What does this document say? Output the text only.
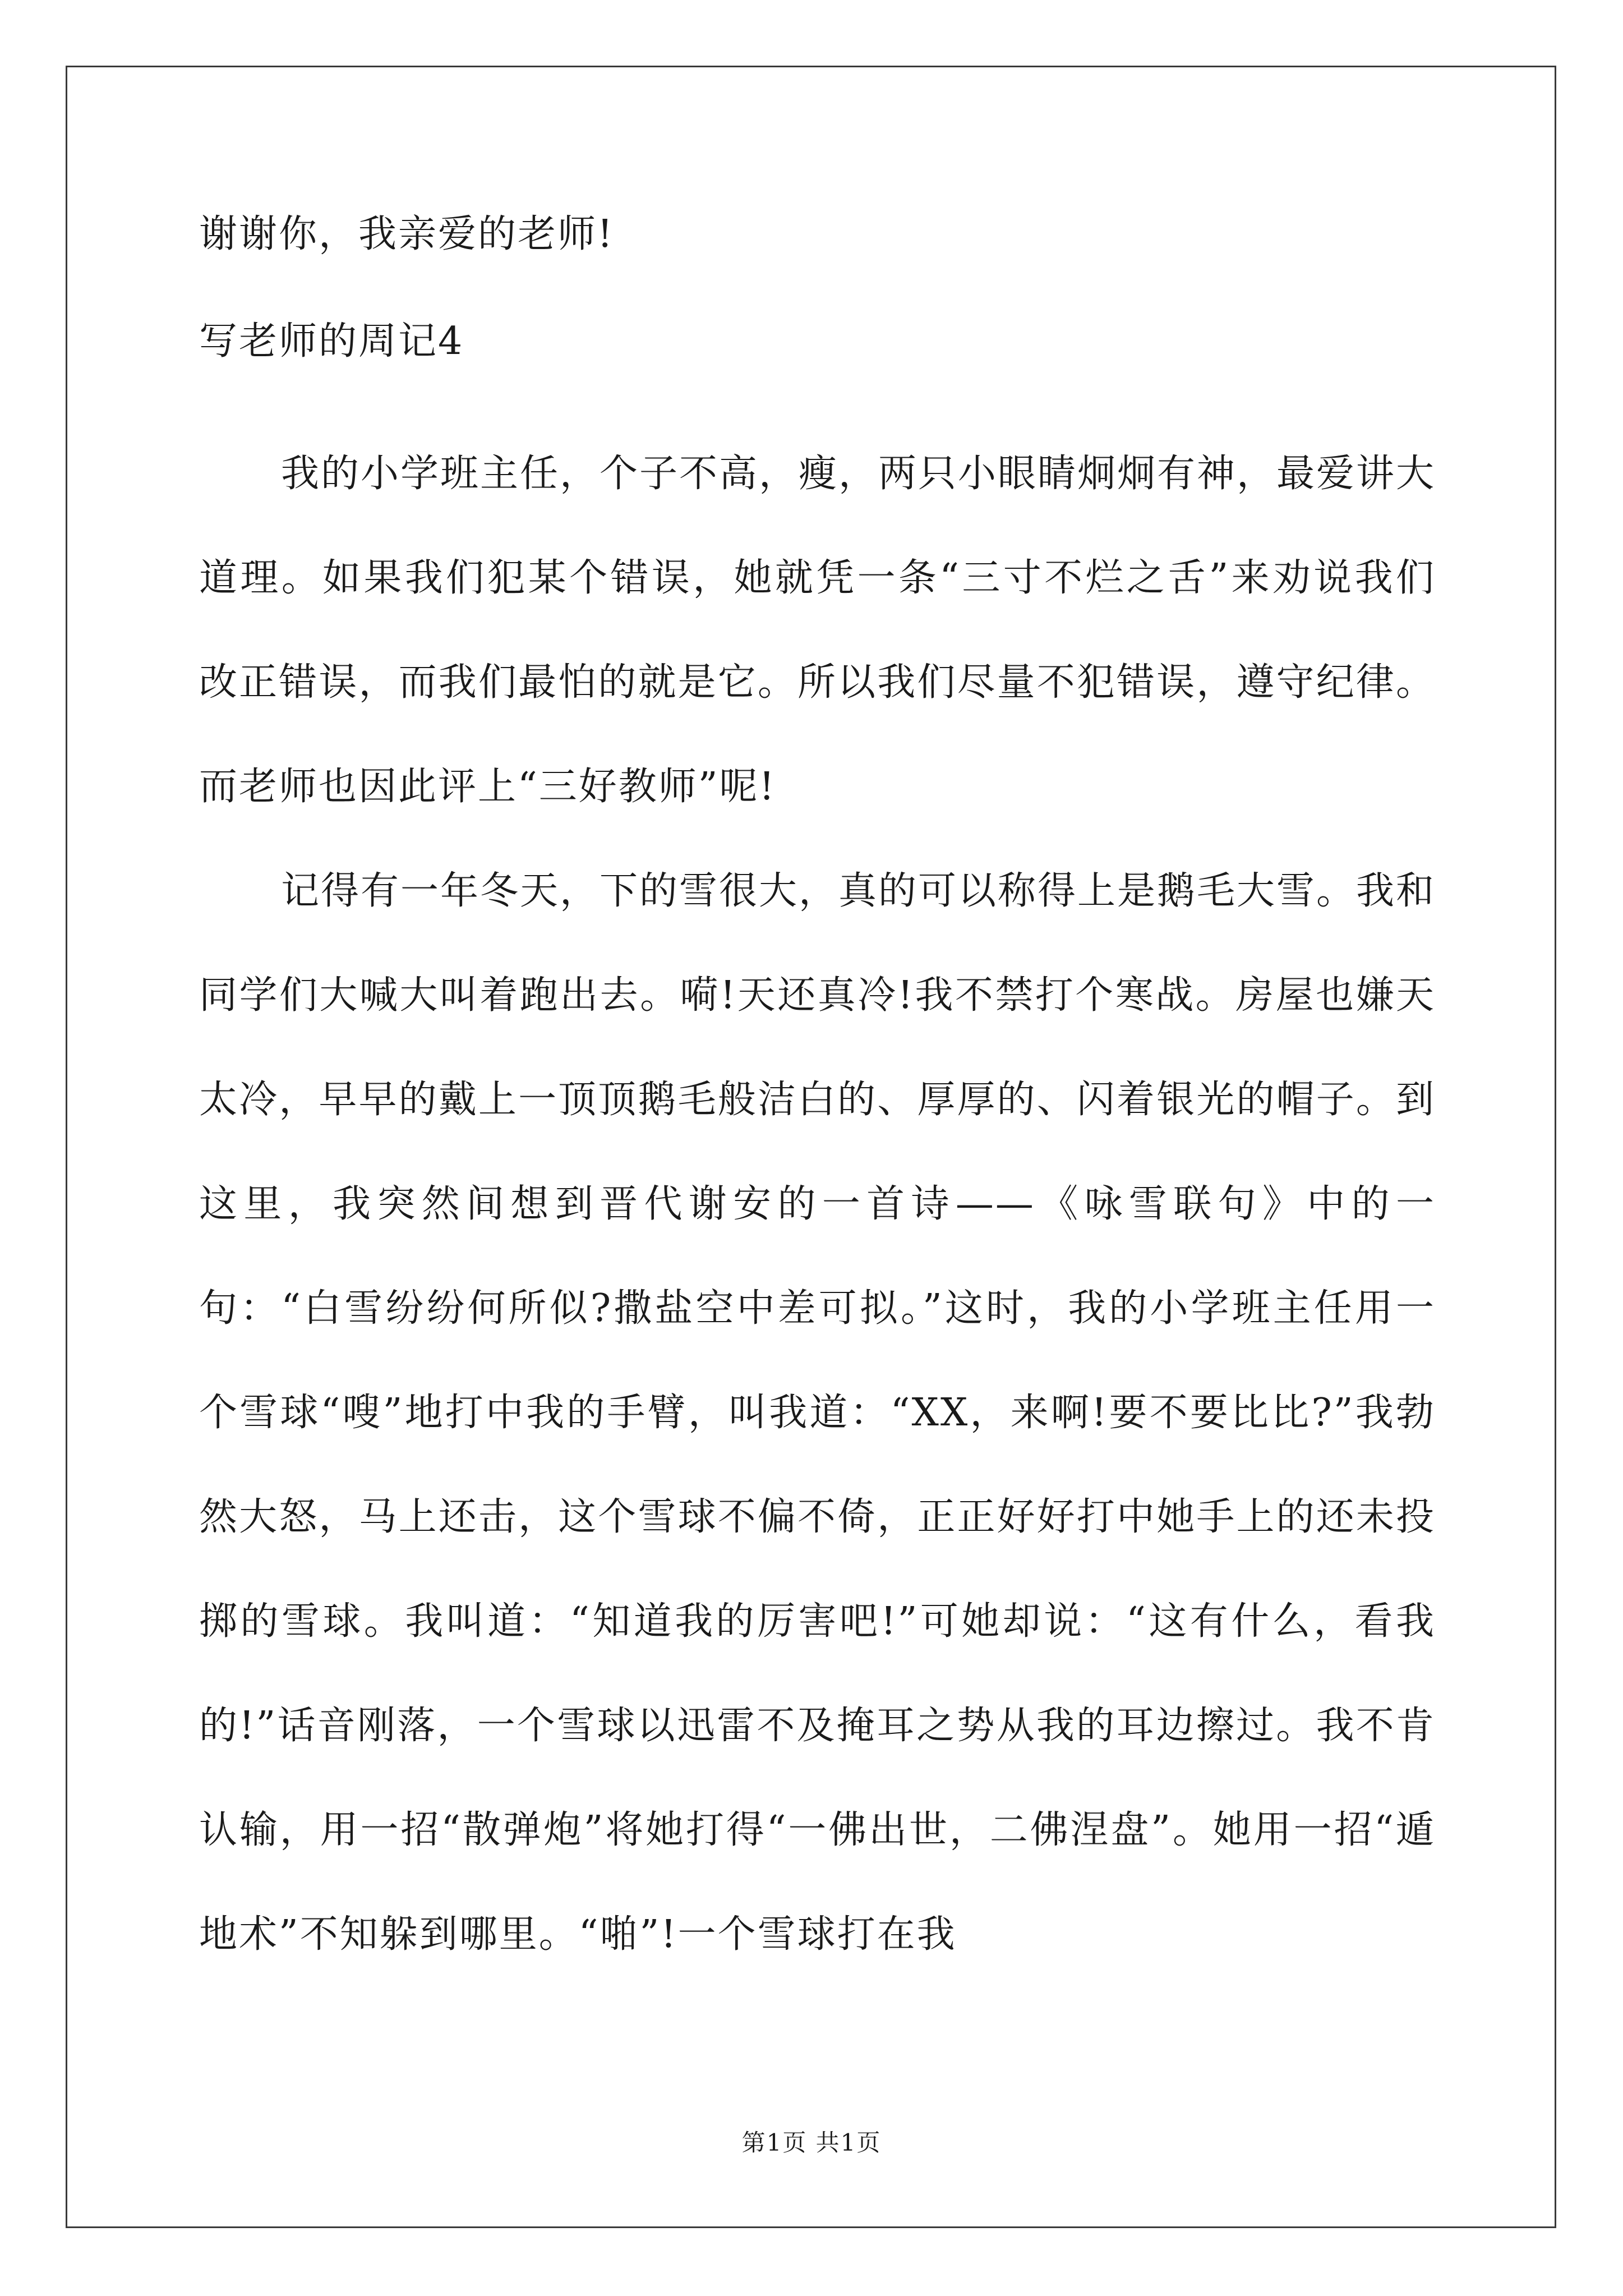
谢谢你，我亲爱的老师!

写老师的周记4

我的小学班主任，个子不高，瘦，两只小眼睛炯炯有神，最爱讲大道理。如果我们犯某个错误，她就凭一条“三寸不烂之舌”来劝说我们改正错误，而我们最怕的就是它。所以我们尽量不犯错误，遵守纪律。而老师也因此评上“三好教师”呢!

记得有一年冬天，下的雪很大，真的可以称得上是鹅毛大雪。我和同学们大喊大叫着跑出去。嗬!天还真冷!我不禁打个寒战。房屋也嫌天太冷，早早的戴上一顶顶鹅毛般洁白的、厚厚的、闪着银光的帽子。到这里，我突然间想到晋代谢安的一首诗——《咏雪联句》中的一句：“白雪纷纷何所似?撒盐空中差可拟。”这时，我的小学班主任用一个雪球“嗖”地打中我的手臂，叫我道：“XX，来啊!要不要比比?”我勃然大怒，马上还击，这个雪球不偏不倚，正正好好打中她手上的还未投掷的雪球。我叫道：“知道我的厉害吧!”可她却说：“这有什么，看我的!”话音刚落，一个雪球以迅雷不及掩耳之势从我的耳边擦过。我不肯认输，用一招“散弹炮”将她打得“一佛出世，二佛涅盘”。她用一招“遁地术”不知躲到哪里。“啪”!一个雪球打在我

第1页 共1页
